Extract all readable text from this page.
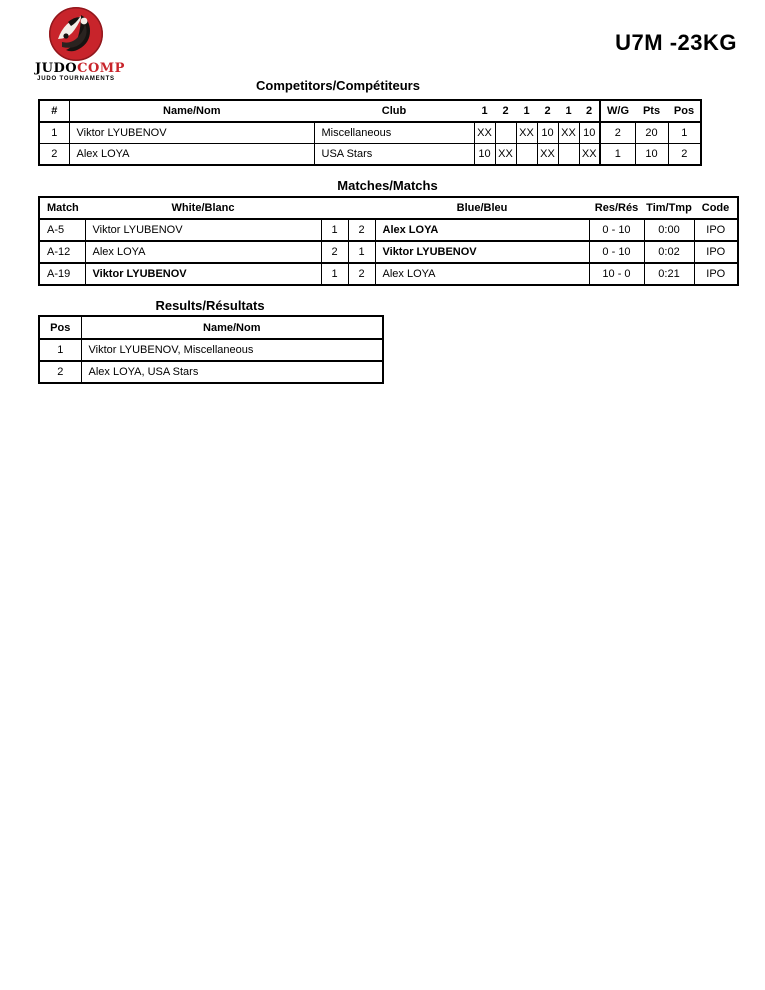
JUDOCOMP
JUDO TOURNAMENTS
U7M -23KG
Competitors/Compétiteurs
#	Name/Nom	Club	1	2	1	2	1	2	W/G	Pts	Pos
1	Viktor LYUBENOV	Miscellaneous	XX		XX	10	XX	10	2	20	1
2	Alex LOYA	USA Stars	10	XX		XX		XX	1	10	2
Matches/Matchs
Match	White/Blanc			Blue/Bleu	Res/Rés	Tim/Tmp	Code
A-5	Viktor LYUBENOV	1	2	Alex LOYA	0 - 10	0:00	IPO
A-12	Alex LOYA	2	1	Viktor LYUBENOV	0 - 10	0:02	IPO
A-19	Viktor LYUBENOV	1	2	Alex LOYA	10 - 0	0:21	IPO
Results/Résultats
Pos	Name/Nom
1	Viktor LYUBENOV, Miscellaneous
2	Alex LOYA, USA Stars
